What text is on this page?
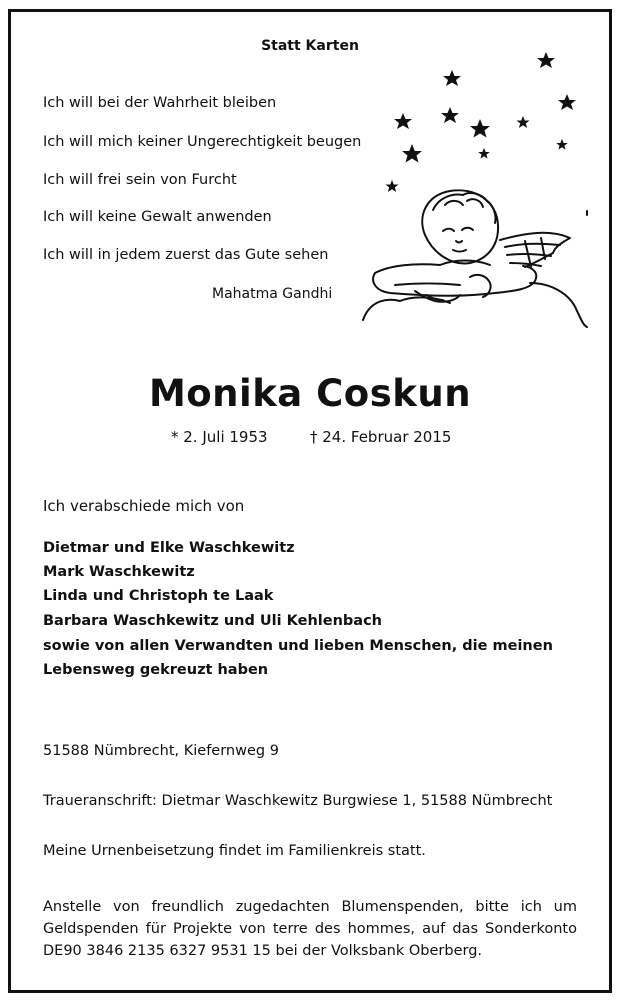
Statt Karten
Ich will bei der Wahrheit bleiben
Ich will mich keiner Ungerechtigkeit beugen
Ich will frei sein von Furcht
Ich will keine Gewalt anwenden
Ich will in jedem zuerst das Gute sehen
Mahatma Gandhi
Monika Coskun
* 2. Juli 1953	† 24. Februar 2015
Ich verabschiede mich von
Dietmar und Elke Waschkewitz
Mark Waschkewitz
Linda und Christoph te Laak
Barbara Waschkewitz und Uli Kehlenbach
sowie von allen Verwandten und lieben Menschen, die meinen
Lebensweg gekreuzt haben
51588 Nümbrecht, Kiefernweg 9
Traueranschrift: Dietmar Waschkewitz Burgwiese 1, 51588 Nümbrecht
Meine Urnenbeisetzung findet im Familienkreis statt.
Anstelle von freundlich zugedachten Blumenspenden, bitte ich um Geldspenden für Projekte von terre des hommes, auf das Sonderkonto DE90 3846 2135 6327 9531 15 bei der Volksbank Oberberg.
